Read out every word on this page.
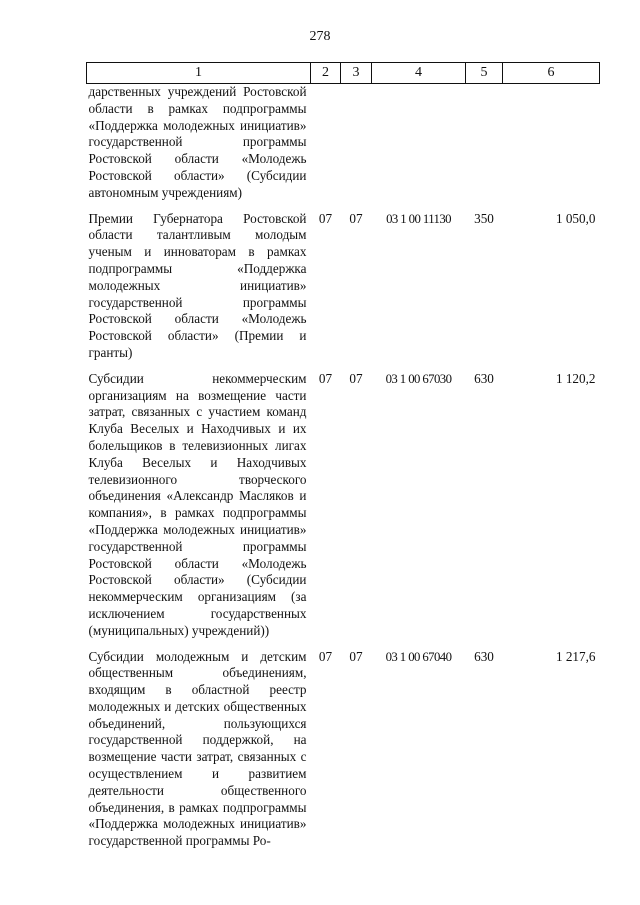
278
1	2	3	4	5	6
дарственных учреждений Ростовской области в рамках подпрограммы «Поддержка молодежных инициатив» государственной программы Ростовской области «Молодежь Ростовской области» (Субсидии автономным учреждениям)					
Премии Губернатора Ростовской области талантливым молодым ученым и инноваторам в рамках подпрограммы «Поддержка молодежных инициатив» государственной программы Ростовской области «Молодежь Ростовской области» (Премии и гранты)	07	07	03 1 00 11130	350	1 050,0
Субсидии некоммерческим организациям на возмещение части затрат, связанных с участием команд Клуба Веселых и Находчивых и их болельщиков в телевизионных лигах Клуба Веселых и Находчивых телевизионного творческого объединения «Александр Масляков и компания», в рамках подпрограммы «Поддержка молодежных инициатив» государственной программы Ростовской области «Молодежь Ростовской области» (Субсидии некоммерческим организациям (за исключением государственных (муниципальных) учреждений))	07	07	03 1 00 67030	630	1 120,2
Субсидии молодежным и детским общественным объединениям, входящим в областной реестр молодежных и детских общественных объединений, пользующихся государственной поддержкой, на возмещение части затрат, связанных с осуществлением и развитием деятельности общественного объединения, в рамках подпрограммы «Поддержка молодежных инициатив» государственной программы Ро-	07	07	03 1 00 67040	630	1 217,6
